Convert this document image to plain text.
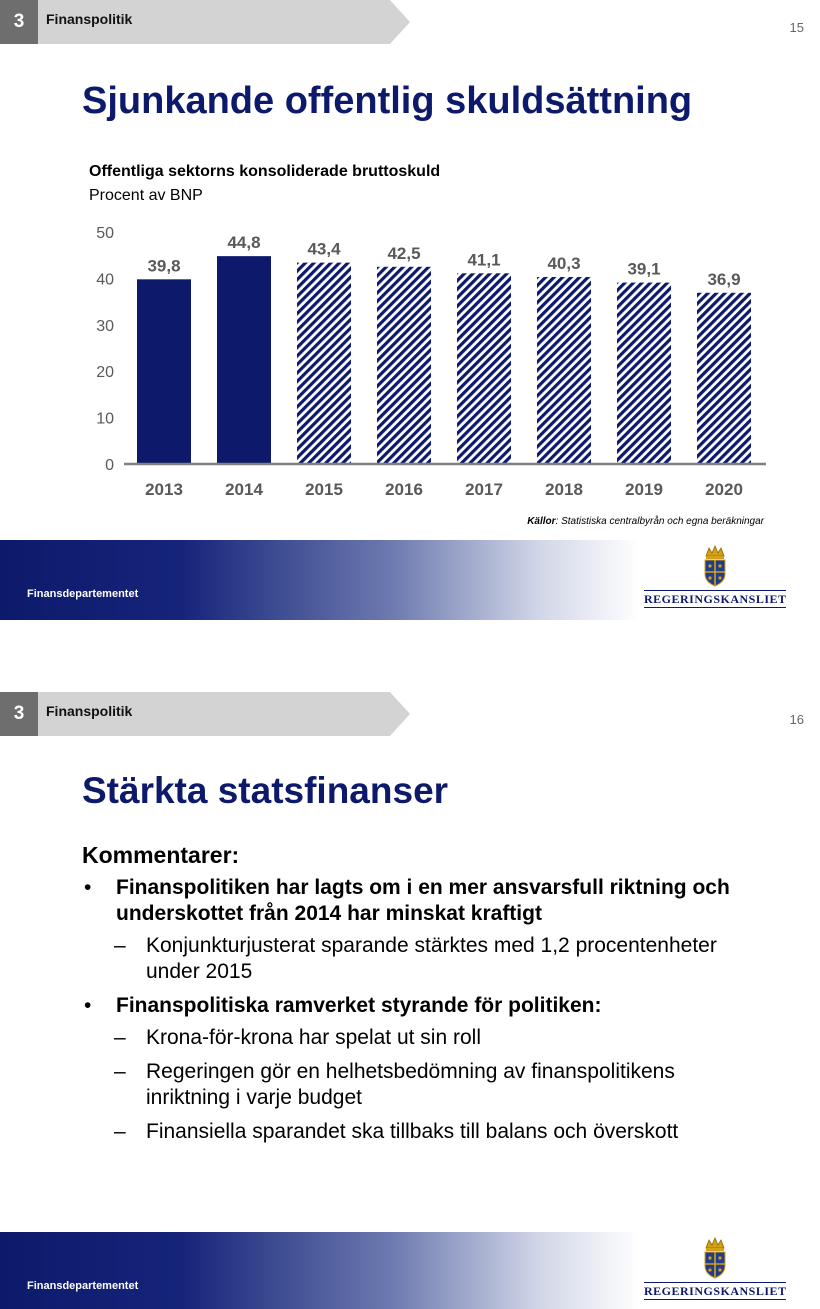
3	Finanspolitik
15
Sjunkande offentlig skuldsättning
Offentliga sektorns konsoliderade bruttoskuld
Procent av BNP
0
10
20
30
40
50
39,8
44,8	43,4	42,5	41,1	40,3	39,1
36,9
2013 2014 2015 2016 2017 2018 2019 2020
Källor: Statistiska centralbyrån och egna beräkningar
Finansdepartementet	REGERINGSKANSLIET
3	Finanspolitik
16
Stärkta statsfinanser
Kommentarer:
• Finanspolitiken har lagts om i en mer ansvarsfull riktning och underskottet från 2014 har minskat kraftigt
– Konjunkturjusterat sparande stärktes med 1,2 procentenheter under 2015
• Finanspolitiska ramverket styrande för politiken:
– Krona-för-krona har spelat ut sin roll
– Regeringen gör en helhetsbedömning av finanspolitikens inriktning i varje budget
– Finansiella sparandet ska tillbaks till balans och överskott
Finansdepartementet	REGERINGSKANSLIET
